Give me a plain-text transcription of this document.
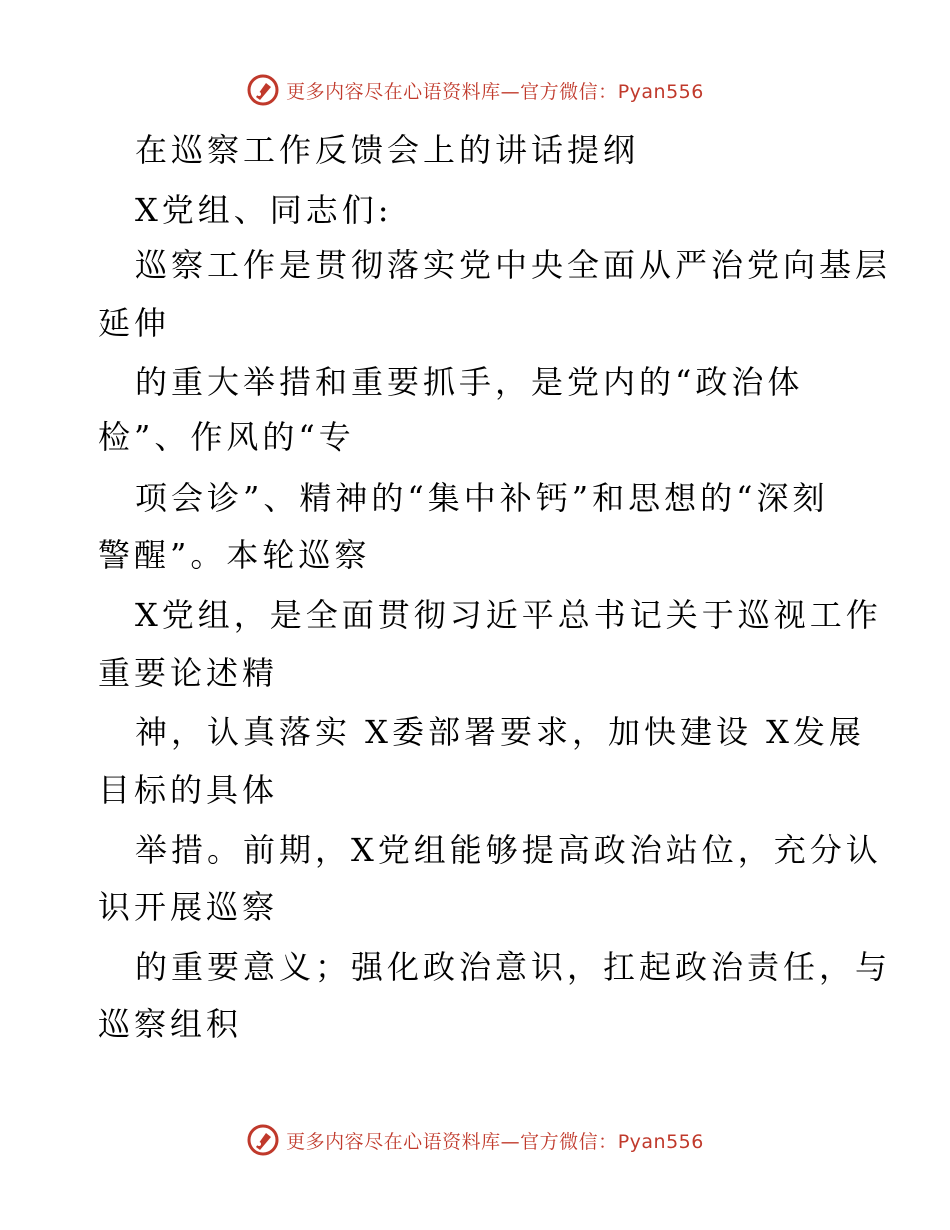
更多内容尽在心语资料库—官方微信：Pyan556
在巡察工作反馈会上的讲话提纲
X党组、同志们:
巡察工作是贯彻落实党中央全面从严治党向基层
延伸
的重大举措和重要抓手，是党内的“政治体
检”、作风的“专
项会诊”、精神的“集中补钙”和思想的“深刻
警醒”。本轮巡察
X党组，是全面贯彻习近平总书记关于巡视工作
重要论述精
神，认真落实 X委部署要求，加快建设 X发展
目标的具体
举措。前期，X党组能够提高政治站位，充分认
识开展巡察
的重要意义；强化政治意识，扛起政治责任，与
巡察组积
更多内容尽在心语资料库—官方微信：Pyan556
